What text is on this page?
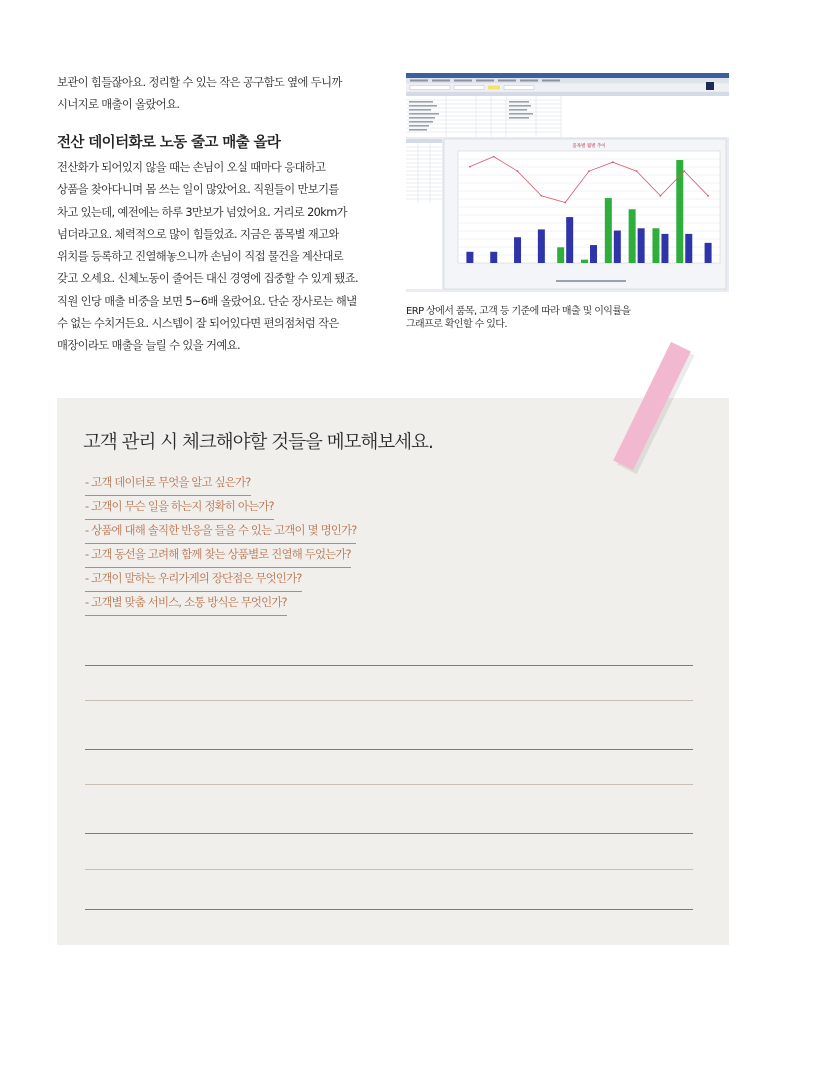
보관이 힘들잖아요. 정리할 수 있는 작은 공구함도 옆에 두니까
시너지로 매출이 올랐어요.
전산 데이터화로 노동 줄고 매출 올라
전산화가 되어있지 않을 때는 손님이 오실 때마다 응대하고
상품을 찾아다니며 몸 쓰는 일이 많았어요. 직원들이 만보기를
차고 있는데, 예전에는 하루 3만보가 넘었어요. 거리로 20km가
넘더라고요. 체력적으로 많이 힘들었죠. 지금은 품목별 재고와
위치를 등록하고 진열해놓으니까 손님이 직접 물건을 계산대로
갖고 오세요. 신체노동이 줄어든 대신 경영에 집중할 수 있게 됐죠.
직원 인당 매출 비중을 보면 5~6배 올랐어요. 단순 장사로는 해낼
수 없는 수치거든요. 시스템이 잘 되어있다면 편의점처럼 작은
매장이라도 매출을 늘릴 수 있을 거예요.
품목별 월별 추이
ERP 상에서 품목, 고객 등 기준에 따라 매출 및 이익률을
그래프로 확인할 수 있다.
고객 관리 시 체크해야할 것들을 메모해보세요.
- 고객 데이터로 무엇을 알고 싶은가?
- 고객이 무슨 일을 하는지 정확히 아는가?
- 상품에 대해 솔직한 반응을 들을 수 있는 고객이 몇 명인가?
- 고객 동선을 고려해 함께 찾는 상품별로 진열해 두었는가?
- 고객이 말하는 우리가게의 장단점은 무엇인가?
- 고객별 맞춤 서비스, 소통 방식은 무엇인가?
